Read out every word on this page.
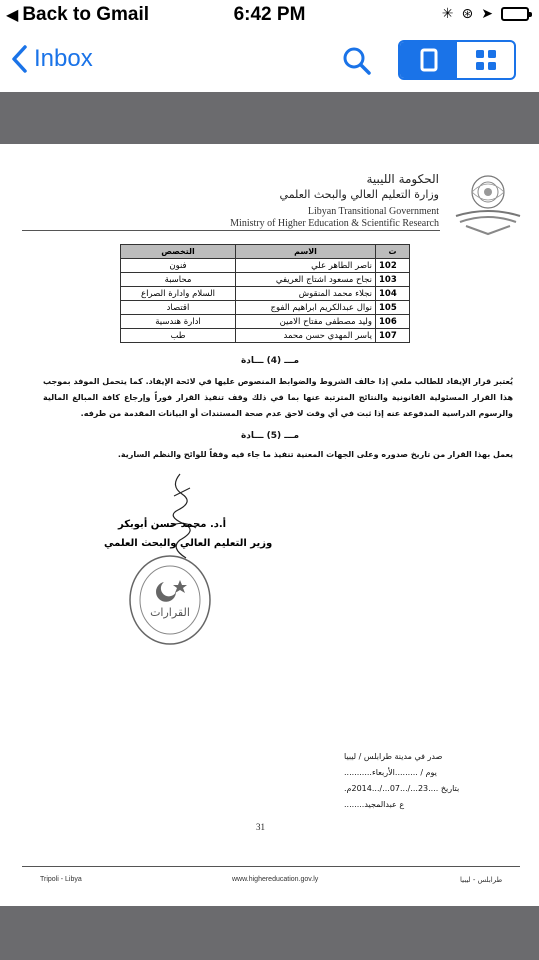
◀ Back to Gmail	6:42 PM	✳ ⊛ ➤
Inbox
الحكومة الليبية
وزارة التعليم العالي والبحث العلمي
Libyan Transitional Government
Ministry of Higher Education & Scientific Research
التخصص	الاسم	ت
فنون	ناصر الطاهر علي	102
محاسبة	نجاح مسعود اشتاج العريفي	103
السلام وادارة الصراع	نجلاء محمد المنقوش	104
اقتصاد	نوال عبدالكريم ابراهيم الفوج	105
ادارة هندسية	وليد مصطفى مفتاح الامين	106
طب	ياسر المهدي حسن محمد	107
مـــ (4) ـــادة
يُعتبر قرار الإيفاد للطالب ملغي إذا خالف الشروط والضوابط المنصوص عليها في لائحة الإيفاد. كما يتحمل الموفد بموجب هذا القرار المسئولية القانونية والنتائج المترتبة عنها بما في ذلك وقف تنفيذ القرار فوراً وإرجاع كافة المبالغ المالية والرسوم الدراسية المدفوعة عنه إذا ثبت في أي وقت لاحق عدم صحة المستندات أو البيانات المقدمة من طرفه.
مـــ (5) ـــادة
يعمل بهذا القرار من تاريخ صدوره وعلى الجهات المعنية تنفيذ ما جاء فيه وفقاً للوائح والنظم السارية.
أ.د. محمد حسن أبوبكر
وزير التعليم العالي والبحث العلمي
القرارات
صدر في مدينة طرابلس / ليبيا
يوم / .........الأربعاء...........
بتاريخ ....23.../...07.../...2014م.
ع عبدالمجيد........
31
Tripoli - Libya	www.highereducation.gov.ly	طرابلس - ليبيا
